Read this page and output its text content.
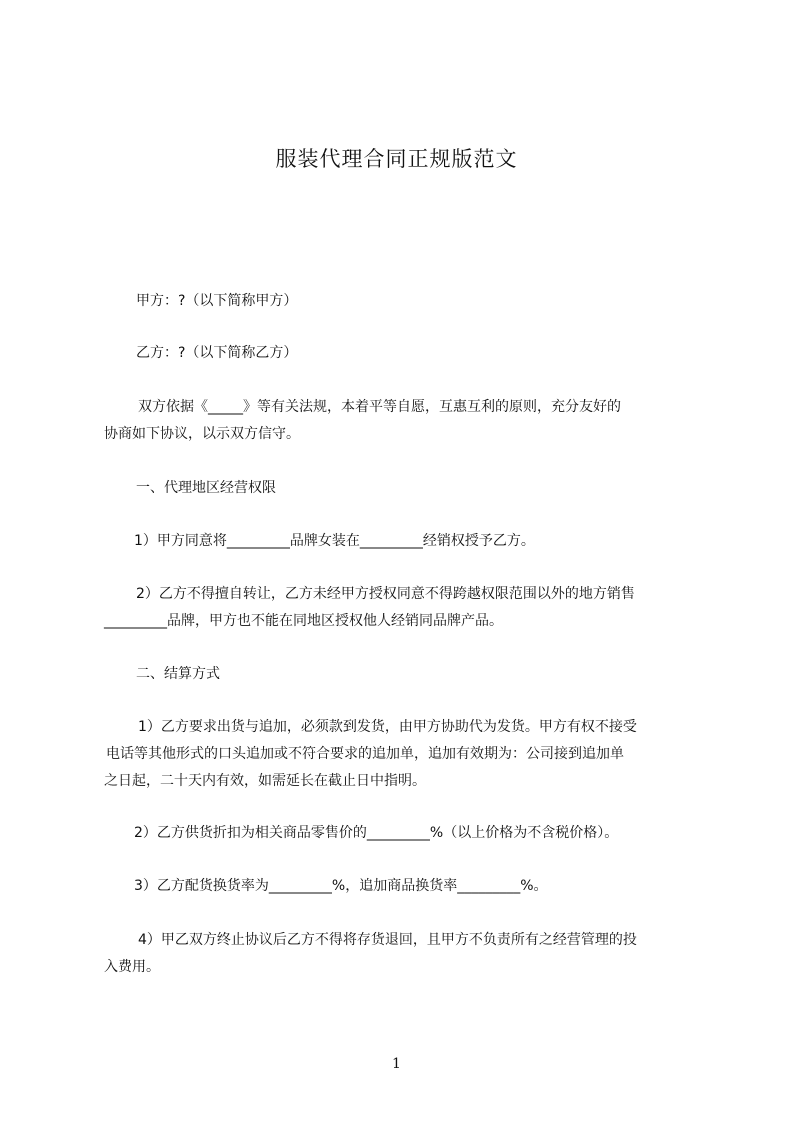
服装代理合同正规版范文
甲方：?（以下简称甲方）
乙方：?（以下简称乙方）
双方依据《_____》等有关法规，本着平等自愿，互惠互利的原则，充分友好的
协商如下协议，以示双方信守。
一、代理地区经营权限
1）甲方同意将_________品牌女装在_________经销权授予乙方。
2）乙方不得擅自转让，乙方未经甲方授权同意不得跨越权限范围以外的地方销售
_________品牌，甲方也不能在同地区授权他人经销同品牌产品。
二、结算方式
1）乙方要求出货与追加，必须款到发货，由甲方协助代为发货。甲方有权不接受
电话等其他形式的口头追加或不符合要求的追加单，追加有效期为：公司接到追加单
之日起，二十天内有效，如需延长在截止日中指明。
2）乙方供货折扣为相关商品零售价的_________%（以上价格为不含税价格）。
3）乙方配货换货率为_________%，追加商品换货率_________%。
4）甲乙双方终止协议后乙方不得将存货退回，且甲方不负责所有之经营管理的投
入费用。
1
